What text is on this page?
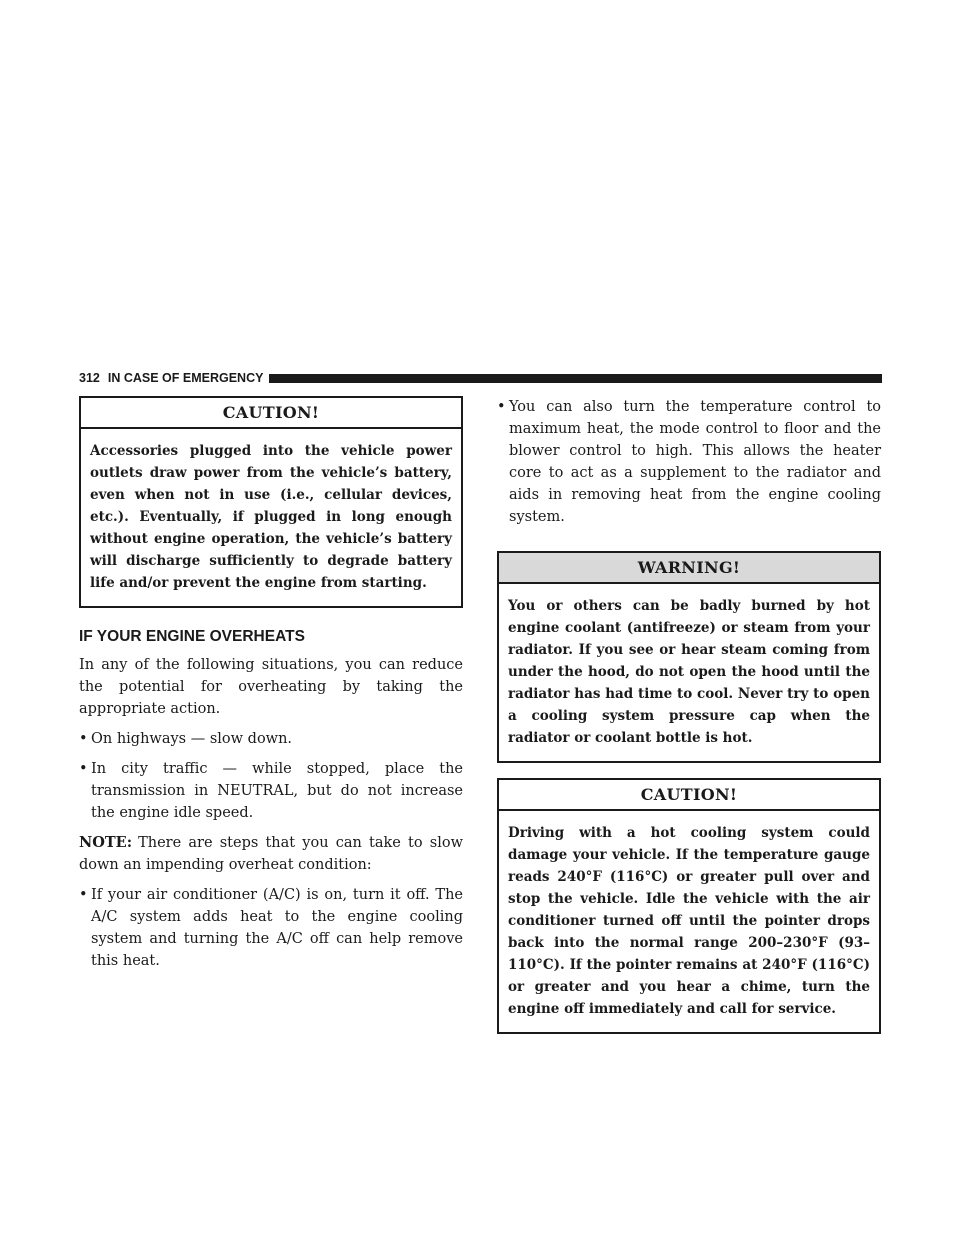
312 IN CASE OF EMERGENCY
CAUTION!
Accessories plugged into the vehicle power outlets draw power from the vehicle’s battery, even when not in use (i.e., cellular devices, etc.). Eventually, if plugged in long enough without engine operation, the vehicle’s battery will discharge sufficiently to degrade battery life and/or prevent the engine from starting.
IF YOUR ENGINE OVERHEATS

In any of the following situations, you can reduce the potential for overheating by taking the appropriate action.

• On highways — slow down.
• In city traffic — while stopped, place the transmission in NEUTRAL, but do not increase the engine idle speed.

NOTE: There are steps that you can take to slow down an impending overheat condition:

• If your air conditioner (A/C) is on, turn it off. The A/C system adds heat to the engine cooling system and turning the A/C off can help remove this heat.
• You can also turn the temperature control to maximum heat, the mode control to floor and the blower control to high. This allows the heater core to act as a supplement to the radiator and aids in removing heat from the engine cooling system.
WARNING!
You or others can be badly burned by hot engine coolant (antifreeze) or steam from your radiator. If you see or hear steam coming from under the hood, do not open the hood until the radiator has had time to cool. Never try to open a cooling system pressure cap when the radiator or coolant bottle is hot.
CAUTION!
Driving with a hot cooling system could damage your vehicle. If the temperature gauge reads 240°F (116°C) or greater pull over and stop the vehicle. Idle the vehicle with the air conditioner turned off until the pointer drops back into the normal range 200–230°F (93–110°C). If the pointer remains at 240°F (116°C) or greater and you hear a chime, turn the engine off immediately and call for service.
